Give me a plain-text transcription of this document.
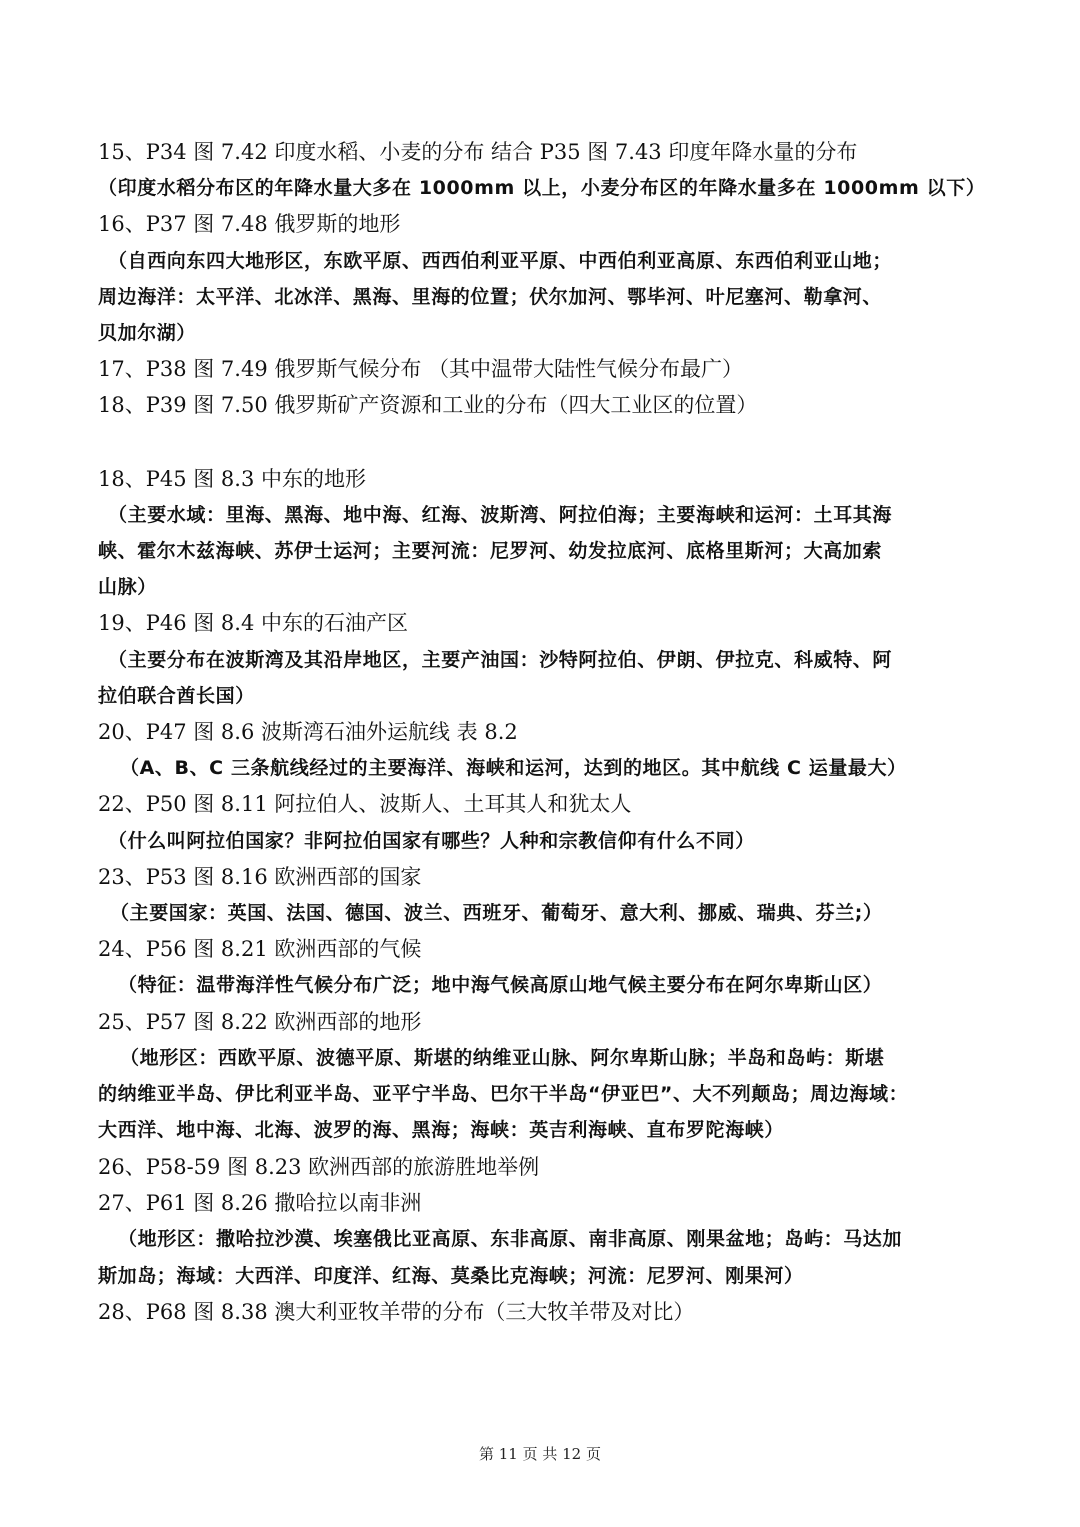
15、P34 图 7.42 印度水稻、小麦的分布 结合 P35 图 7.43 印度年降水量的分布
（印度水稻分布区的年降水量大多在 1000mm 以上，小麦分布区的年降水量多在 1000mm 以下）
16、P37 图 7.48 俄罗斯的地形
（自西向东四大地形区，东欧平原、西西伯利亚平原、中西伯利亚高原、东西伯利亚山地；
周边海洋：太平洋、北冰洋、黑海、里海的位置；伏尔加河、鄂毕河、叶尼塞河、勒拿河、
贝加尔湖）
17、P38 图 7.49 俄罗斯气候分布 （其中温带大陆性气候分布最广）
18、P39 图 7.50 俄罗斯矿产资源和工业的分布（四大工业区的位置）
18、P45 图 8.3 中东的地形
（主要水域：里海、黑海、地中海、红海、波斯湾、阿拉伯海；主要海峡和运河：土耳其海
峡、霍尔木兹海峡、苏伊士运河；主要河流：尼罗河、幼发拉底河、底格里斯河；大高加索
山脉）
19、P46 图 8.4 中东的石油产区
（主要分布在波斯湾及其沿岸地区，主要产油国：沙特阿拉伯、伊朗、伊拉克、科威特、阿
拉伯联合酋长国）
20、P47 图 8.6 波斯湾石油外运航线 表 8.2
（A、B、C 三条航线经过的主要海洋、海峡和运河，达到的地区。其中航线 C 运量最大）
22、P50 图 8.11 阿拉伯人、波斯人、土耳其人和犹太人
（什么叫阿拉伯国家？非阿拉伯国家有哪些？人种和宗教信仰有什么不同）
23、P53 图 8.16 欧洲西部的国家
（主要国家：英国、法国、德国、波兰、西班牙、葡萄牙、意大利、挪威、瑞典、芬兰;）
24、P56 图 8.21 欧洲西部的气候
（特征：温带海洋性气候分布广泛；地中海气候高原山地气候主要分布在阿尔卑斯山区）
25、P57 图 8.22 欧洲西部的地形
（地形区：西欧平原、波德平原、斯堪的纳维亚山脉、阿尔卑斯山脉；半岛和岛屿：斯堪
的纳维亚半岛、伊比利亚半岛、亚平宁半岛、巴尔干半岛“伊亚巴”、大不列颠岛；周边海域：
大西洋、地中海、北海、波罗的海、黑海；海峡：英吉利海峡、直布罗陀海峡）
26、P58-59 图 8.23 欧洲西部的旅游胜地举例
27、P61 图 8.26 撒哈拉以南非洲
（地形区：撒哈拉沙漠、埃塞俄比亚高原、东非高原、南非高原、刚果盆地；岛屿：马达加
斯加岛；海域：大西洋、印度洋、红海、莫桑比克海峡；河流：尼罗河、刚果河）
28、P68 图 8.38 澳大利亚牧羊带的分布（三大牧羊带及对比）
第 11 页 共 12 页
